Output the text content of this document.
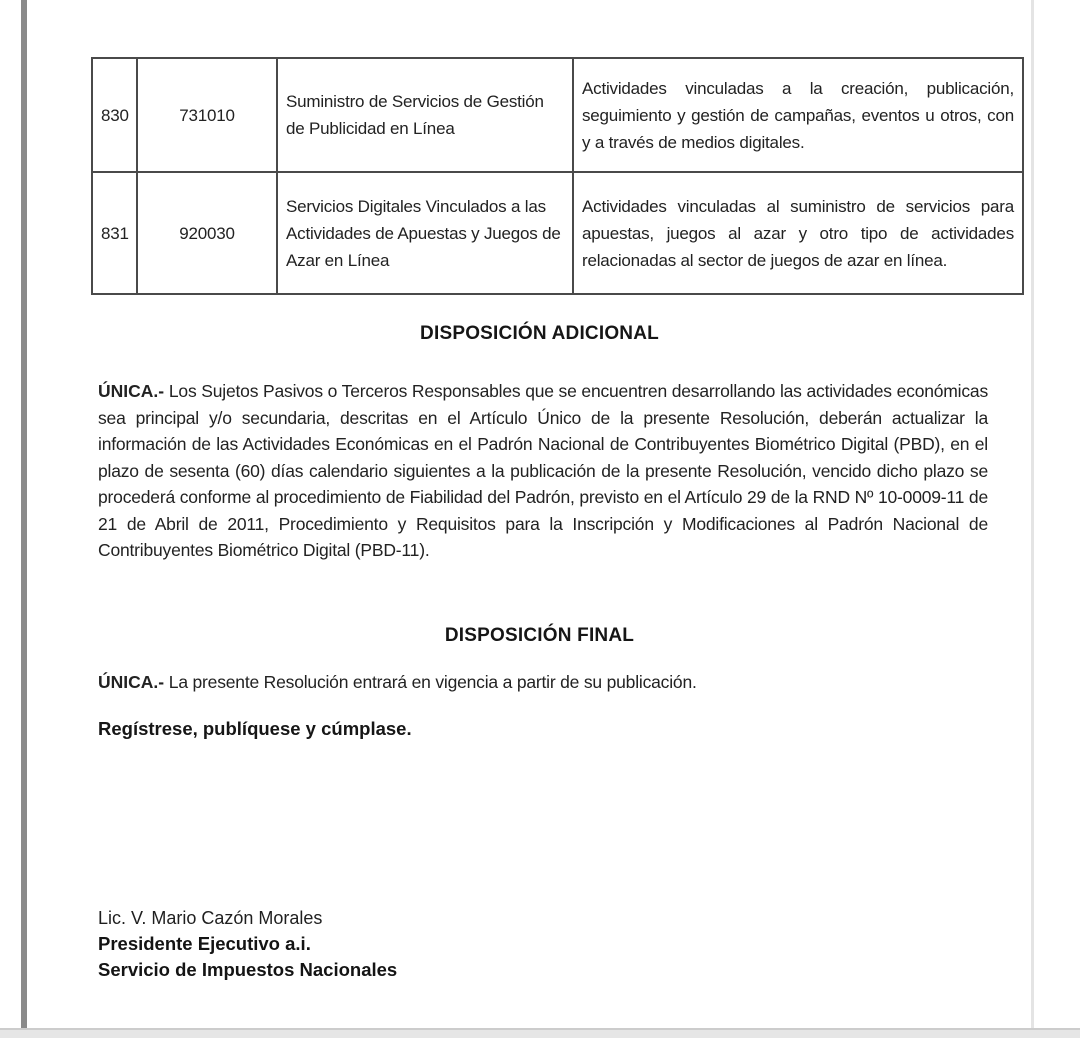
830	731010	Suministro de Servicios de Gestión de Publicidad en Línea	Actividades vinculadas a la creación, publicación, seguimiento y gestión de campañas, eventos u otros, con y a través de medios digitales.
831	920030	Servicios Digitales Vinculados a las Actividades de Apuestas y Juegos de Azar en Línea	Actividades vinculadas al suministro de servicios para apuestas, juegos al azar y otro tipo de actividades relacionadas al sector de juegos de azar en línea.
DISPOSICIÓN ADICIONAL

ÚNICA.- Los Sujetos Pasivos o Terceros Responsables que se encuentren desarrollando las actividades económicas sea principal y/o secundaria, descritas en el Artículo Único de la presente Resolución, deberán actualizar la información de las Actividades Económicas en el Padrón Nacional de Contribuyentes Biométrico Digital (PBD), en el plazo de sesenta (60) días calendario siguientes a la publicación de la presente Resolución, vencido dicho plazo se procederá conforme al procedimiento de Fiabilidad del Padrón, previsto en el Artículo 29 de la RND Nº 10-0009-11 de 21 de Abril de 2011, Procedimiento y Requisitos para la Inscripción y Modificaciones al Padrón Nacional de Contribuyentes Biométrico Digital (PBD-11).

DISPOSICIÓN FINAL

ÚNICA.- La presente Resolución entrará en vigencia a partir de su publicación.

Regístrese, publíquese y cúmplase.
Lic. V. Mario Cazón Morales
Presidente Ejecutivo a.i.
Servicio de Impuestos Nacionales
